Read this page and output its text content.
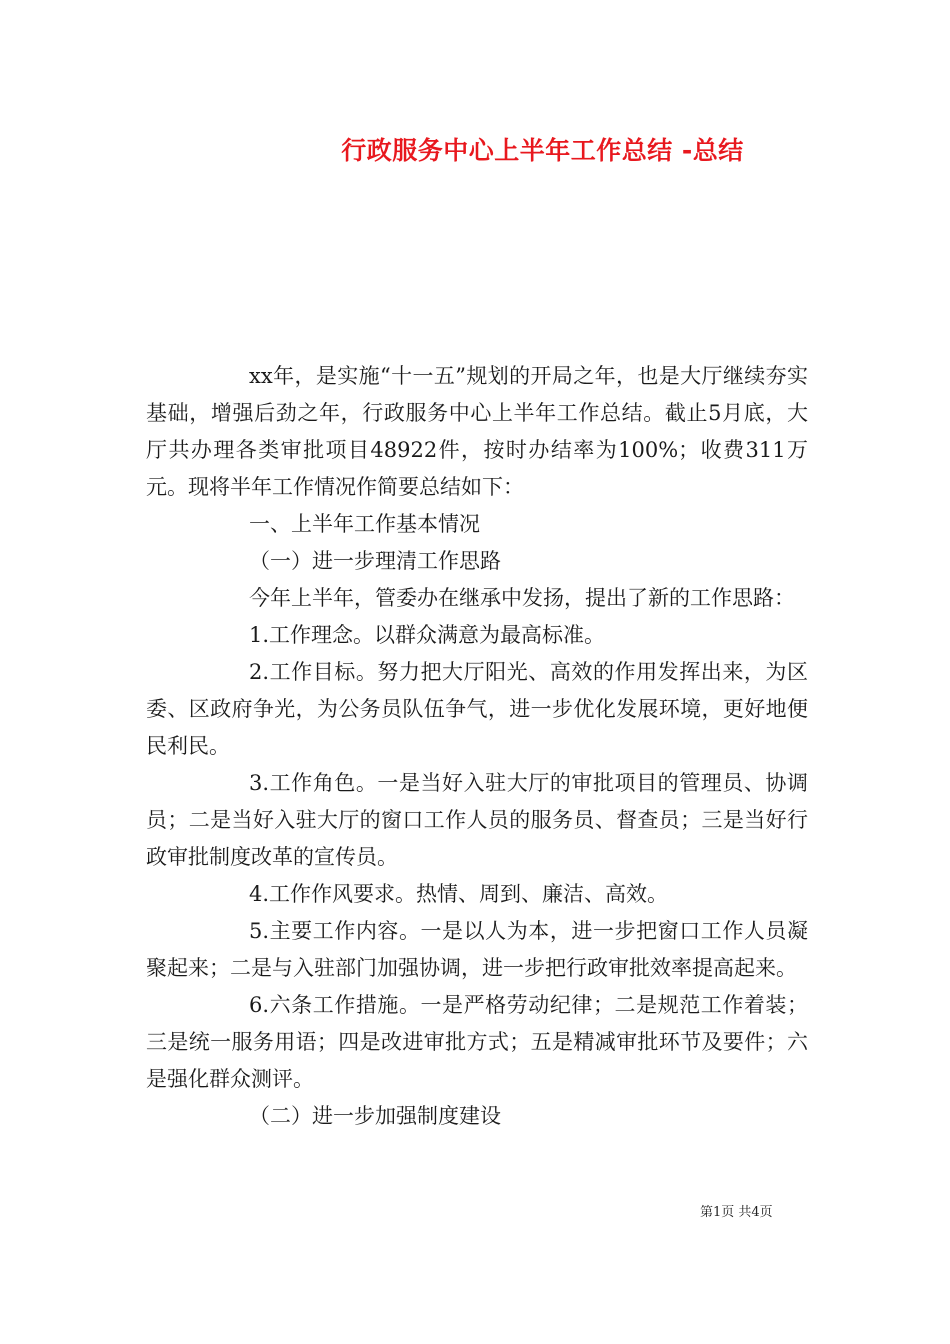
行政服务中心上半年工作总结 -总结

xx年，是实施“十一五”规划的开局之年，也是大厅继续夯实基础，增强后劲之年，行政服务中心上半年工作总结。截止5月底，大厅共办理各类审批项目48922件，按时办结率为100%；收费311万元。现将半年工作情况作简要总结如下：

一、上半年工作基本情况

（一）进一步理清工作思路

今年上半年，管委办在继承中发扬，提出了新的工作思路：

1.工作理念。以群众满意为最高标准。

2.工作目标。努力把大厅阳光、高效的作用发挥出来，为区委、区政府争光，为公务员队伍争气，进一步优化发展环境，更好地便民利民。

3.工作角色。一是当好入驻大厅的审批项目的管理员、协调员；二是当好入驻大厅的窗口工作人员的服务员、督查员；三是当好行政审批制度改革的宣传员。

4.工作作风要求。热情、周到、廉洁、高效。

5.主要工作内容。一是以人为本，进一步把窗口工作人员凝聚起来；二是与入驻部门加强协调，进一步把行政审批效率提高起来。

6.六条工作措施。一是严格劳动纪律；二是规范工作着装；三是统一服务用语；四是改进审批方式；五是精减审批环节及要件；六是强化群众测评。

（二）进一步加强制度建设

第1页 共4页
